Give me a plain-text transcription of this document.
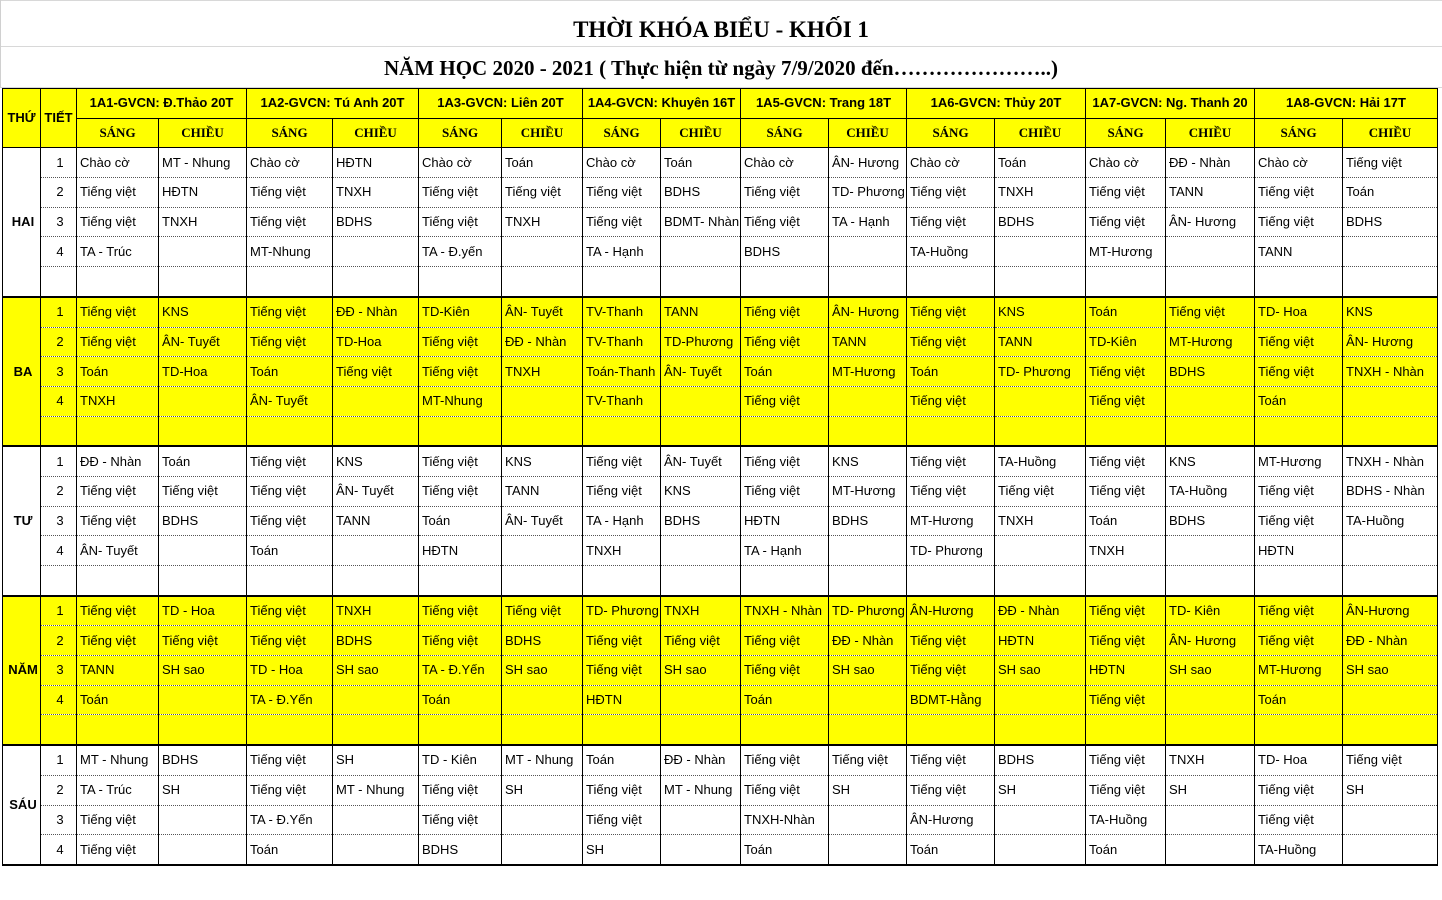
THỜI KHÓA BIỂU - KHỐI 1
NĂM HỌC 2020 - 2021 ( Thực hiện từ ngày 7/9/2020 đến…………………..)
THỨ	TIẾT	1A1-GVCN: Đ.Thảo 20T		1A2-GVCN: Tú Anh 20T		1A3-GVCN: Liên 20T		1A4-GVCN: Khuyên 16T		1A5-GVCN: Trang 18T		1A6-GVCN: Thủy 20T		1A7-GVCN: Ng. Thanh 20		1A8-GVCN: Hải 17T	
		SÁNG	CHIỀU	SÁNG	CHIỀU	SÁNG	CHIỀU	SÁNG	CHIỀU	SÁNG	CHIỀU	SÁNG	CHIỀU	SÁNG	CHIỀU	SÁNG	CHIỀU
HAI	1	Chào cờ	MT - Nhung	Chào cờ	HĐTN	Chào cờ	Toán	Chào cờ	Toán	Chào cờ	ÂN- Hương	Chào cờ	Toán	Chào cờ	ĐĐ - Nhàn	Chào cờ	Tiếng việt
	2	Tiếng việt	HĐTN	Tiếng việt	TNXH	Tiếng việt	Tiếng việt	Tiếng việt	BDHS	Tiếng việt	TD- Phương	Tiếng việt	TNXH	Tiếng việt	TANN	Tiếng việt	Toán
	3	Tiếng việt	TNXH	Tiếng việt	BDHS	Tiếng việt	TNXH	Tiếng việt	BDMT- Nhàn	Tiếng việt	TA - Hạnh	Tiếng việt	BDHS	Tiếng việt	ÂN- Hương	Tiếng việt	BDHS
	4	TA - Trúc		MT-Nhung		TA - Đ.yến		TA - Hạnh		BDHS		TA-Huồng		MT-Hương		TANN	

BA	1	Tiếng việt	KNS	Tiếng việt	ĐĐ - Nhàn	TD-Kiên	ÂN- Tuyết	TV-Thanh	TANN	Tiếng việt	ÂN- Hương	Tiếng việt	KNS	Toán	Tiếng việt	TD- Hoa	KNS
	2	Tiếng việt	ÂN- Tuyết	Tiếng việt	TD-Hoa	Tiếng việt	ĐĐ - Nhàn	TV-Thanh	TD-Phương	Tiếng việt	TANN	Tiếng việt	TANN	TD-Kiên	MT-Hương	Tiếng việt	ÂN- Hương
	3	Toán	TD-Hoa	Toán	Tiếng việt	Tiếng việt	TNXH	Toán-Thanh	ÂN- Tuyết	Toán	MT-Hương	Toán	TD- Phương	Tiếng việt	BDHS	Tiếng việt	TNXH - Nhàn
	4	TNXH		ÂN- Tuyết		MT-Nhung		TV-Thanh		Tiếng việt		Tiếng việt		Tiếng việt		Toán	

TƯ	1	ĐĐ - Nhàn	Toán	Tiếng việt	KNS	Tiếng việt	KNS	Tiếng việt	ÂN- Tuyết	Tiếng việt	KNS	Tiếng việt	TA-Huồng	Tiếng việt	KNS	MT-Hương	TNXH - Nhàn
	2	Tiếng việt	Tiếng việt	Tiếng việt	ÂN- Tuyết	Tiếng việt	TANN	Tiếng việt	KNS	Tiếng việt	MT-Hương	Tiếng việt	Tiếng việt	Tiếng việt	TA-Huồng	Tiếng việt	BDHS - Nhàn
	3	Tiếng việt	BDHS	Tiếng việt	TANN	Toán	ÂN- Tuyết	TA - Hạnh	BDHS	HĐTN	BDHS	MT-Hương	TNXH	Toán	BDHS	Tiếng việt	TA-Huồng
	4	ÂN- Tuyết		Toán		HĐTN		TNXH		TA - Hạnh		TD- Phương		TNXH		HĐTN	

NĂM	1	Tiếng việt	TD - Hoa	Tiếng việt	TNXH	Tiếng việt	Tiếng việt	TD- Phương	TNXH	TNXH - Nhàn	TD- Phương	ÂN-Hương	ĐĐ - Nhàn	Tiếng việt	TD- Kiên	Tiếng việt	ÂN-Hương
	2	Tiếng việt	Tiếng việt	Tiếng việt	BDHS	Tiếng việt	BDHS	Tiếng việt	Tiếng việt	Tiếng việt	ĐĐ - Nhàn	Tiếng việt	HĐTN	Tiếng việt	ÂN- Hương	Tiếng việt	ĐĐ - Nhàn
	3	TANN	SH sao	TD - Hoa	SH sao	TA - Đ.Yến	SH sao	Tiếng việt	SH sao	Tiếng việt	SH sao	Tiếng việt	SH sao	HĐTN	SH sao	MT-Hương	SH sao
	4	Toán		TA - Đ.Yến		Toán		HĐTN		Toán		BDMT-Hằng		Tiếng việt		Toán	

SÁU	1	MT - Nhung	BDHS	Tiếng việt	SH	TD - Kiên	MT - Nhung	Toán	ĐĐ - Nhàn	Tiếng việt	Tiếng việt	Tiếng việt	BDHS	Tiếng việt	TNXH	TD- Hoa	Tiếng việt
	2	TA - Trúc	SH	Tiếng việt	MT - Nhung	Tiếng việt	SH	Tiếng việt	MT - Nhung	Tiếng việt	SH	Tiếng việt	SH	Tiếng việt	SH	Tiếng việt	SH
	3	Tiếng việt		TA - Đ.Yến		Tiếng việt		Tiếng việt		TNXH-Nhàn		ÂN-Hương		TA-Huồng		Tiếng việt	
	4	Tiếng việt		Toán		BDHS		SH		Toán		Toán		Toán		TA-Huồng	
